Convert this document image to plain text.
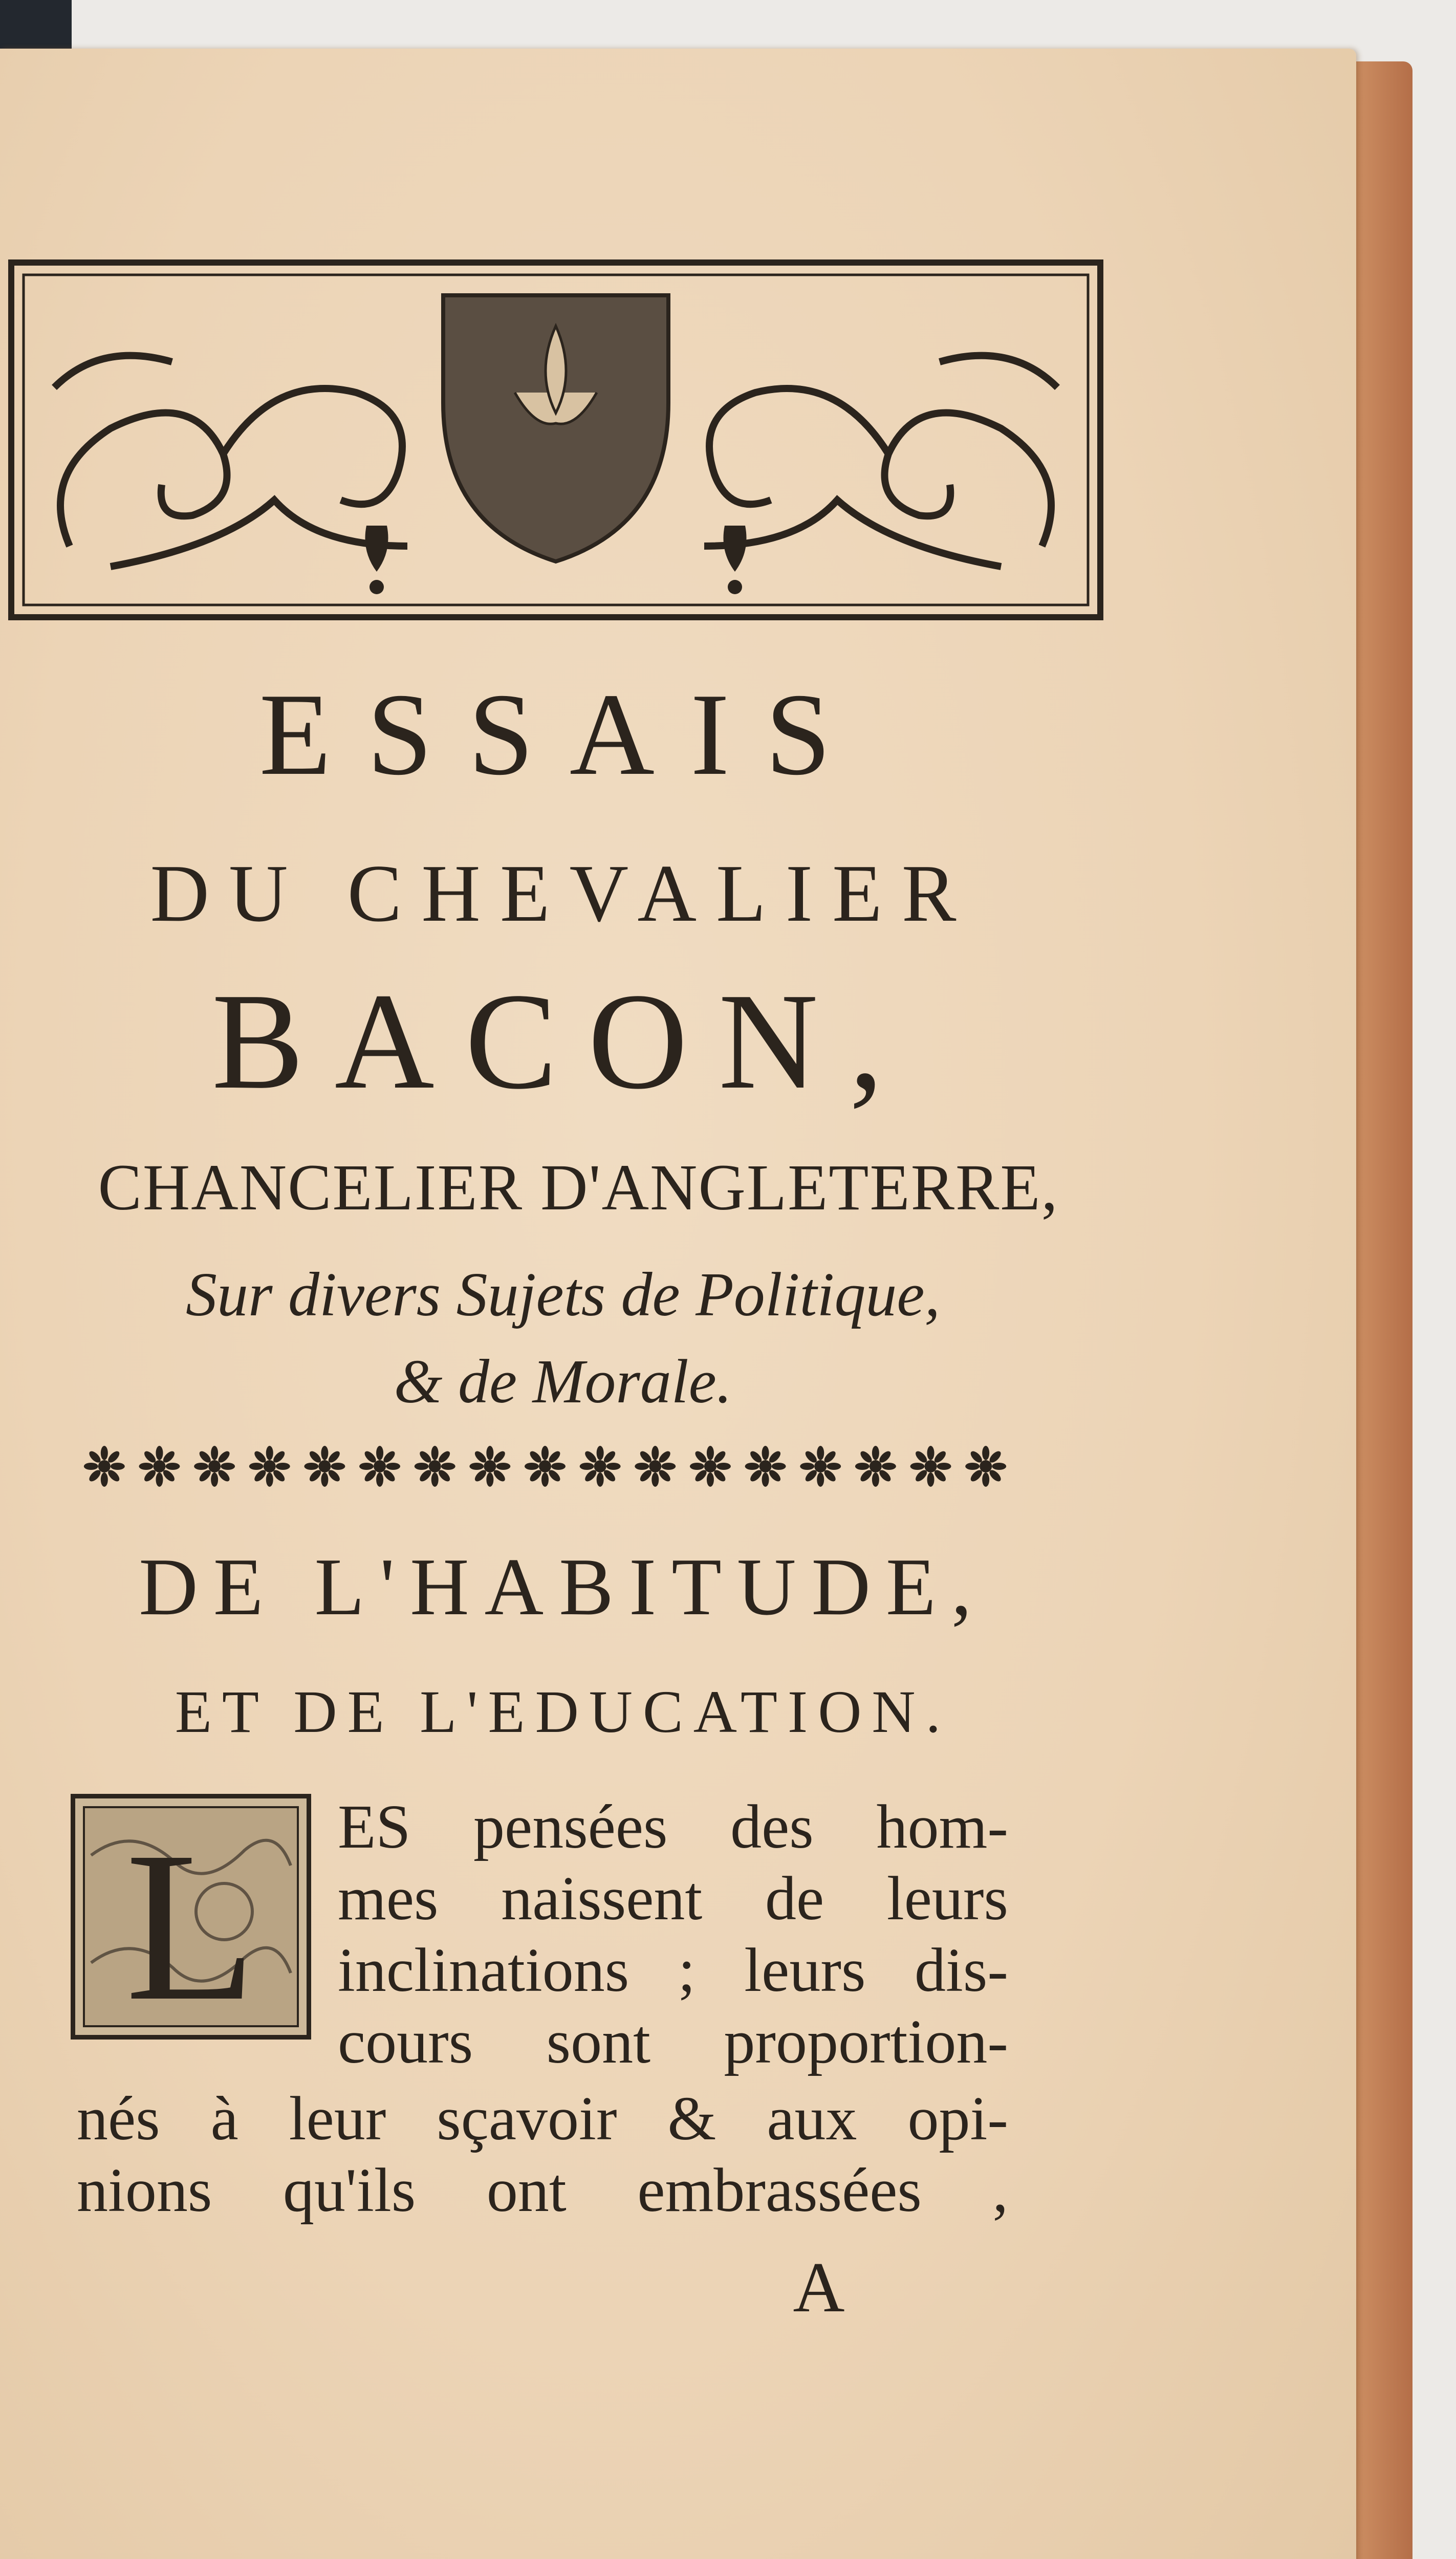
ESSAIS
DU CHEVALIER
BACON,
CHANCELIER D'ANGLETERRE,
Sur divers Sujets de Politique,
& de Morale.
DE L'HABITUDE,
ET DE L'EDUCATION.
L ES pensées des hom-
mes naissent de leurs
inclinations ; leurs dis-
cours sont proportion-
nés à leur sçavoir & aux opi-
nions qu'ils ont embrassées ,
A
